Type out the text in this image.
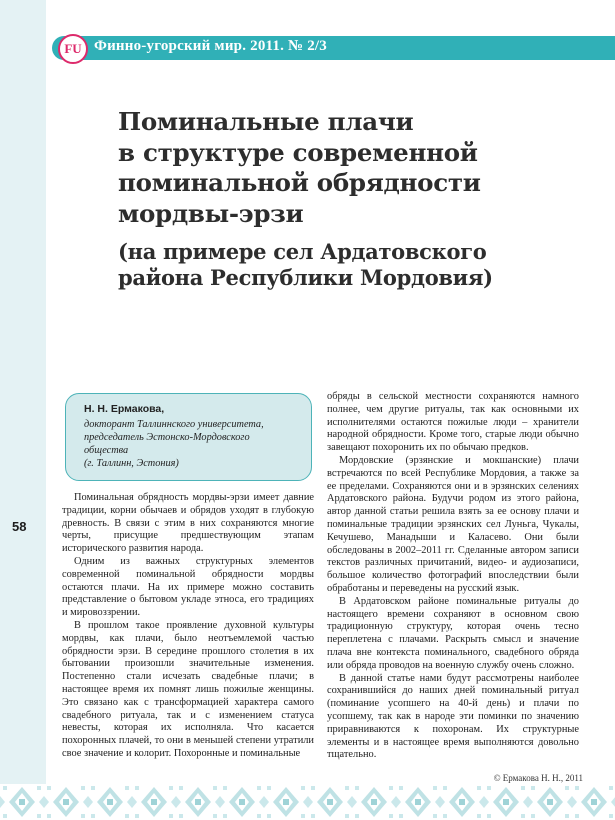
58
FU Финно-угорский мир. 2011. № 2/3
Поминальные плачи
в структуре современной
поминальной обрядности
мордвы-эрзи
(на примере сел Ардатовского
района Республики Мордовия)
Н. Н. Ермакова,
доктoрант Таллиннского университета,
председатель Эстонско-Мордовского
общества
(г. Таллинн, Эстония)

Поминальная обрядность мордвы-эрзи имеет давние традиции, корни обычаев и обрядов уходят в глубокую древность. В связи с этим в них сохраняются многие черты, присущие предшествующим этапам исторического развития народа.

Одним из важных структурных элементов современной поминальной обрядности мордвы остаются плачи. На их примере можно составить представление о бытовом укладе этноса, его традициях и мировоззрении.

В прошлом такое проявление духовной культуры мордвы, как плачи, было неотъемлемой частью обрядности эрзи. В середине прошлого столетия в их бытовании произошли значительные изменения. Постепенно стали исчезать свадебные плачи; в настоящее время их помнят лишь пожилые женщины. Это связано как с трансформацией характера самого свадебного ритуала, так и с изменением статуса невесты, которая их исполняла. Что касается похоронных плачей, то они в меньшей степени утратили свое значение и колорит. Похоронные и поминальные

обряды в сельской местности сохраняются намного полнее, чем другие ритуалы, так как основными их исполнителями остаются пожилые люди – хранители народной обрядности. Кроме того, старые люди обычно завещают похоронить их по обычаю предков.

Мордовские (эрзянские и мокшанские) плачи встречаются по всей Республике Мордовия, а также за ее пределами. Сохраняются они и в эрзянских селениях Ардатовского района. Будучи родом из этого района, автор данной статьи решила взять за ее основу плачи и поминальные традиции эрзянских сел Луньга, Чукалы, Кечушево, Манадыши и Каласево. Они были обследованы в 2002–2011 гг. Сделанные автором записи текстов различных причитаний, видео- и аудиозаписи, большое количество фотографий впоследствии были обработаны и переведены на русский язык.

В Ардатовском районе поминальные ритуалы до настоящего времени сохраняют в основном свою традиционную структуру, которая очень тесно переплетена с плачами. Раскрыть смысл и значение плача вне контекста поминального, свадебного обряда или обряда проводов на военную службу очень сложно.

В данной статье нами будут рассмотрены наиболее сохранившийся до наших дней поминальный ритуал (поминание усопшего на 40-й день) и плачи по усопшему, так как в народе эти поминки по значению приравниваются к похоронам. Их структурные элементы и в настоящее время выполняются довольно тщательно.

© Ермакова Н. Н., 2011
